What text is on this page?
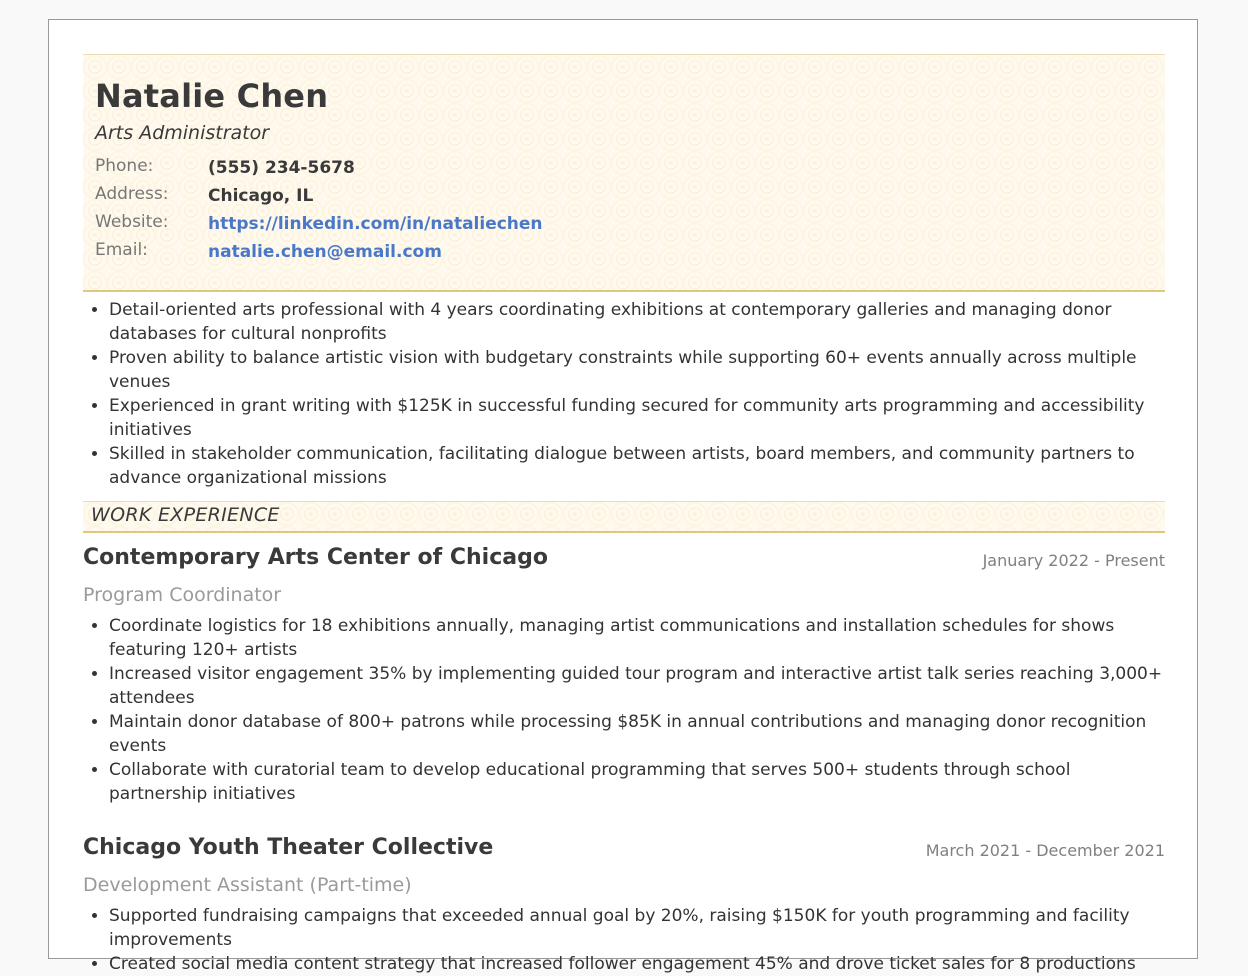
Natalie Chen
Arts Administrator
Phone:	(555) 234-5678
Address: Chicago, IL
Website: https://linkedin.com/in/nataliechen
Email:	natalie.chen@email.com
• Detail-oriented arts professional with 4 years coordinating exhibitions at contemporary galleries and managing donor databases for cultural nonprofits
• Proven ability to balance artistic vision with budgetary constraints while supporting 60+ events annually across multiple venues
• Experienced in grant writing with $125K in successful funding secured for community arts programming and accessibility initiatives
• Skilled in stakeholder communication, facilitating dialogue between artists, board members, and community partners to advance organizational missions
WORK EXPERIENCE
Contemporary Arts Center of Chicago	January 2022 - Present
Program Coordinator
• Coordinate logistics for 18 exhibitions annually, managing artist communications and installation schedules for shows featuring 120+ artists
• Increased visitor engagement 35% by implementing guided tour program and interactive artist talk series reaching 3,000+ attendees
• Maintain donor database of 800+ patrons while processing $85K in annual contributions and managing donor recognition events
• Collaborate with curatorial team to develop educational programming that serves 500+ students through school partnership initiatives
Chicago Youth Theater Collective	March 2021 - December 2021
Development Assistant (Part-time)
• Supported fundraising campaigns that exceeded annual goal by 20%, raising $150K for youth programming and facility improvements
• Created social media content strategy that increased follower engagement 45% and drove ticket sales for 8 productions
